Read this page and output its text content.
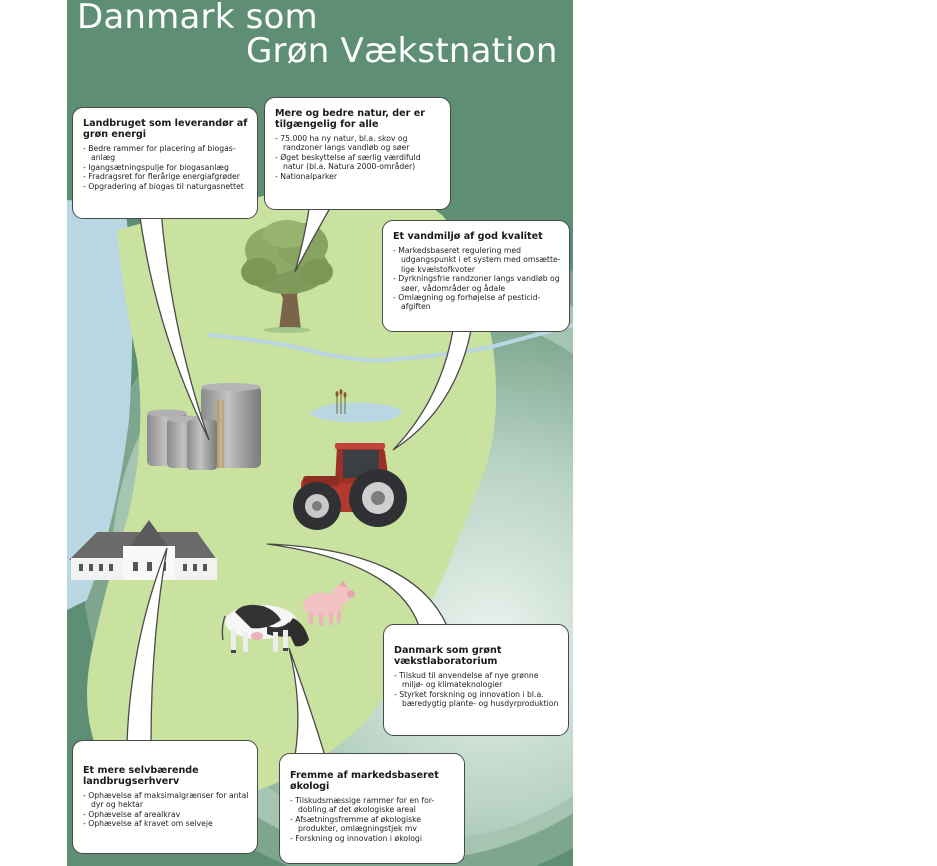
Danmark som
Grøn Vækstnation
Landbruget som leverandør af grøn energi
- Bedre rammer for placering af biogas-anlæg
- Igangsætningspulje for biogasanlæg
- Fradragsret for flerårige energiafgrøder
- Opgradering af biogas til naturgasnettet
Mere og bedre natur, der er tilgængelig for alle
- 75.000 ha ny natur, bl.a. skov og randzoner langs vandløb og søer
- Øget beskyttelse af særlig værdifuld natur (bl.a. Natura 2000-områder)
- Nationalparker
Et vandmiljø af god kvalitet
- Markedsbaseret regulering med udgangspunkt i et system med omsætte-lige kvælstofkvoter
- Dyrkningsfrie randzoner langs vandløb og søer, vådområder og ådale
- Omlægning og forhøjelse af pesticid-afgiften
Danmark som grønt vækstlaboratorium
- Tilskud til anvendelse af nye grønne miljø- og klimateknologier
- Styrket forskning og innovation i bl.a. bæredygtig plante- og husdyrproduktion
Fremme af markedsbaseret økologi
- Tilskudsmæssige rammer for en for-dobling af det økologiske areal
- Afsætningsfremme af økologiske produkter, omlægningstjek mv
- Forskning og innovation i økologi
Et mere selvbærende landbrugserhverv
- Ophævelse af maksimalgrænser for antal dyr og hektar
- Ophævelse af arealkrav
- Ophævelse af kravet om selveje
